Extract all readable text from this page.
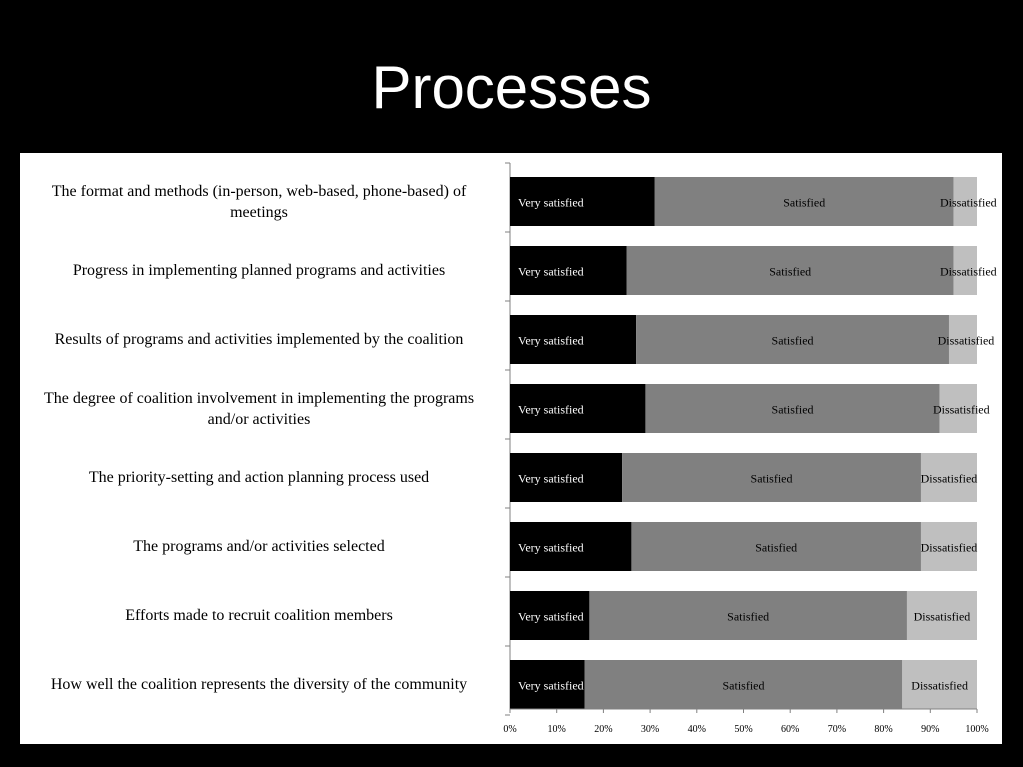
Processes
Very satisfied	Satisfied	Dissatisfied
Very satisfied	Satisfied	Dissatisfied
Very satisfied	Satisfied	Dissatisfied
Very satisfied	Satisfied	Dissatisfied
Very satisfied	Satisfied	Dissatisfied
Very satisfied	Satisfied	Dissatisfied
Very satisfied	Satisfied	Dissatisfied
Very satisfied	Satisfied	Dissatisfied
0%	10%	20%	30%	40%	50%	60%	70%	80%	90%	100%
The format and methods (in-person, web-based, phone-based) of meetings
Progress in implementing planned programs and activities
Results of programs and activities implemented by the coalition
The degree of coalition involvement in implementing the programs and/or activities
The priority-setting and action planning process used
The programs and/or activities selected
Efforts made to recruit coalition members
How well the coalition represents the diversity of the community
